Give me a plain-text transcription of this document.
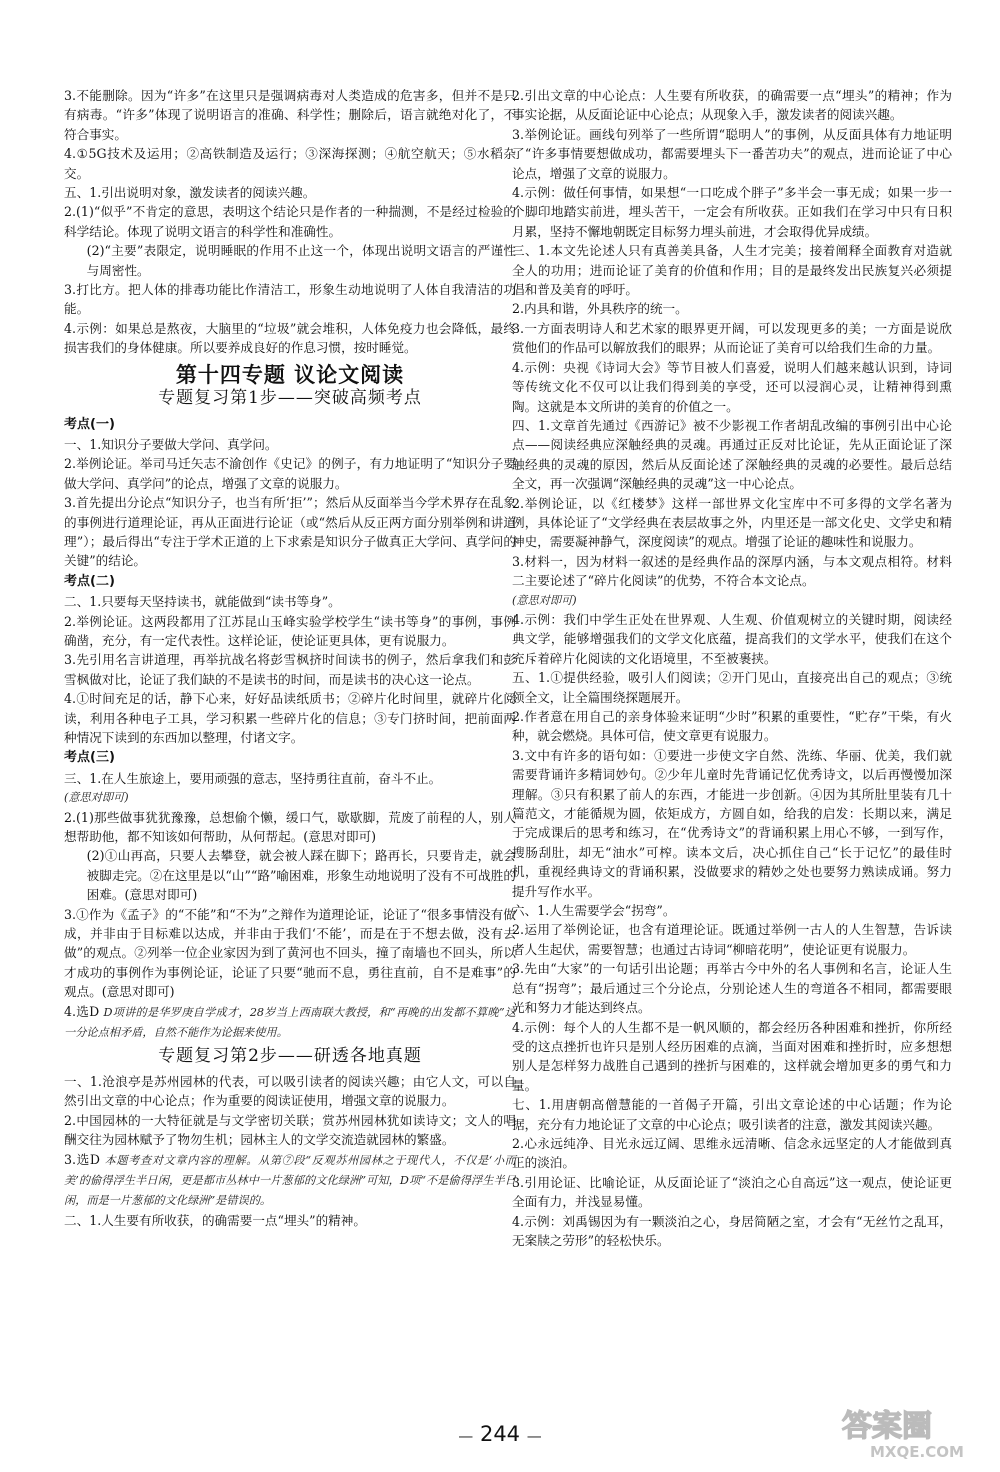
3.不能删除。因为“许多”在这里只是强调病毒对人类造成的危害多，但并不是只有病毒。“许多”体现了说明语言的准确、科学性；删除后，语言就绝对化了，不符合事实。

4.①5G技术及运用；②高铁制造及运行；③深海探测；④航空航天；⑤水稻杂交。

五、1.引出说明对象，激发读者的阅读兴趣。

2.(1)“似乎”不肯定的意思，表明这个结论只是作者的一种揣测，不是经过检验的科学结论。体现了说明文语言的科学性和准确性。

(2)“主要”表限定，说明睡眠的作用不止这一个，体现出说明文语言的严谨性与周密性。

3.打比方。把人体的排毒功能比作清洁工，形象生动地说明了人体自我清洁的功能。

4.示例：如果总是熬夜，大脑里的“垃圾”就会堆积，人体免疫力也会降低，最终损害我们的身体健康。所以要养成良好的作息习惯，按时睡觉。

第十四专题 议论文阅读
专题复习第1步——突破高频考点
考点(一)

一、1.知识分子要做大学问、真学问。

2.举例论证。举司马迁矢志不渝创作《史记》的例子，有力地证明了“知识分子要做大学问、真学问”的论点，增强了文章的说服力。

3.首先提出分论点“知识分子，也当有所‘拒’”；然后从反面举当今学术界存在乱象的事例进行道理论证，再从正面进行论证（或“然后从反正两方面分别举例和讲道理”）；最后得出“专注于学术正道的上下求索是知识分子做真正大学问、真学问的关键”的结论。

考点(二)

二、1.只要每天坚持读书，就能做到“读书等身”。

2.举例论证。这两段都用了江苏昆山玉峰实验学校学生“读书等身”的事例，事例确凿，充分，有一定代表性。这样论证，使论证更具体，更有说服力。

3.先引用名言讲道理，再举抗战名将彭雪枫挤时间读书的例子，然后拿我们和彭雪枫做对比，论证了我们缺的不是读书的时间，而是读书的决心这一论点。

4.①时间充足的话，静下心来，好好品读纸质书；②碎片化时间里，就碎片化阅读，利用各种电子工具，学习积累一些碎片化的信息；③专门挤时间，把前面两种情况下读到的东西加以整理，付诸文字。

考点(三)

三、1.在人生旅途上，要用顽强的意志，坚持勇往直前，奋斗不止。

(意思对即可)

2.(1)那些做事犹犹豫豫，总想偷个懒，缓口气，歇歇脚，荒废了前程的人，别人想帮助他，都不知该如何帮助，从何帮起。(意思对即可)

(2)①山再高，只要人去攀登，就会被人踩在脚下；路再长，只要肯走，就会被脚走完。②在这里是以“山”“路”喻困难，形象生动地说明了没有不可战胜的困难。(意思对即可)

3.①作为《孟子》的“不能”和“不为”之辩作为道理论证，论证了“很多事情没有做成，并非由于目标难以达成，并非由于我们‘不能’，而是在于不想去做，没有去做”的观点。②列举一位企业家因为到了黄河也不回头，撞了南墙也不回头，所以才成功的事例作为事例论证，论证了只要“驰而不息，勇往直前，自不是难事”的观点。(意思对即可)

4.选D D项讲的是华罗庚自学成才，28岁当上西南联大教授，和“再晚的出发都不算晚”这一分论点相矛盾，自然不能作为论据来使用。

专题复习第2步——研透各地真题

一、1.沧浪亭是苏州园林的代表，可以吸引读者的阅读兴趣；由它人文，可以自然引出文章的中心论点；作为重要的阅读证使用，增强文章的说服力。

2.中国园林的一大特征就是与文学密切关联；赏苏州园林犹如读诗文；文人的唱酬交往为园林赋予了物勿生机；园林主人的文学交流造就园林的繁盛。

3.选D 本题考查对文章内容的理解。从第⑦段“反观苏州园林之于现代人，不仅是‘小而美’的偷得浮生半日闲，更是都市丛林中一片葱郁的文化绿洲”可知，D项“不是偷得浮生半日闲，而是一片葱郁的文化绿洲”是错误的。

二、1.人生要有所收获，的确需要一点“埋头”的精神。

2.引出文章的中心论点：人生要有所收获，的确需要一点“埋头”的精神；作为事实论据，从反面论证中心论点；从现象入手，激发读者的阅读兴趣。

3.举例论证。画线句列举了一些所谓“聪明人”的事例，从反面具体有力地证明了“许多事情要想做成功，都需要埋头下一番苦功夫”的观点，进而论证了中心论点，增强了文章的说服力。

4.示例：做任何事情，如果想“一口吃成个胖子”多半会一事无成；如果一步一个脚印地踏实前进，埋头苦干，一定会有所收获。正如我们在学习中只有日积月累，坚持不懈地朝既定目标努力埋头前进，才会取得优异成绩。

三、1.本文先论述人只有真善美具备，人生才完美；接着阐释全面教育对造就全人的功用；进而论证了美育的价值和作用；目的是最终发出民族复兴必须提倡和普及美育的呼吁。

2.内具和谐，外具秩序的统一。

3.一方面表明诗人和艺术家的眼界更开阔，可以发现更多的美；一方面是说欣赏他们的作品可以解放我们的眼界；从而论证了美育可以给我们生命的力量。

4.示例：央视《诗词大会》等节目被人们喜爱，说明人们越来越认识到，诗词等传统文化不仅可以让我们得到美的享受，还可以浸润心灵，让精神得到熏陶。这就是本文所讲的美育的价值之一。

四、1.文章首先通过《西游记》被不少影视工作者胡乱改编的事例引出中心论点——阅读经典应深触经典的灵魂。再通过正反对比论证，先从正面论证了深触经典的灵魂的原因，然后从反面论述了深触经典的灵魂的必要性。最后总结全文，再一次强调“深触经典的灵魂”这一中心论点。

2.举例论证，以《红楼梦》这样一部世界文化宝库中不可多得的文学名著为例，具体论证了“文学经典在表层故事之外，内里还是一部文化史、文学史和精神史，需要凝神静气，深度阅读”的观点。增强了论证的趣味性和说服力。

3.材料一，因为材料一叙述的是经典作品的深厚内涵，与本文观点相符。材料二主要论述了“碎片化阅读”的优势，不符合本文论点。

(意思对即可)

4.示例：我们中学生正处在世界观、人生观、价值观树立的关键时期，阅读经典文学，能够增强我们的文学文化底蕴，提高我们的文学水平，使我们在这个充斥着碎片化阅读的文化语境里，不至被裹挟。

五、1.①提供经验，吸引人们阅读；②开门见山，直接亮出自己的观点；③统领全文，让全篇围绕探题展开。

2.作者意在用自己的亲身体验来证明“少时”积累的重要性，“贮存”干柴，有火种，就会燃烧。具体可信，使文章更有说服力。

3.文中有许多的语句如：①要进一步使文字自然、洗练、华丽、优美，我们就需要背诵许多精词妙句。②少年儿童时先背诵记忆优秀诗文，以后再慢慢加深理解。③只有积累了前人的东西，才能进一步创新。④因为其所肚里装有几十篇范文，才能循规为圆，依矩成方，方圆自如，给我的启发：长期以来，满足于完成课后的思考和练习，在“优秀诗文”的背诵积累上用心不够，一到写作，搜肠刮肚，却无“油水”可榨。读本文后，决心抓住自己“长于记忆”的最佳时机，重视经典诗文的背诵积累，没做要求的精妙之处也要努力熟读成诵。努力提升写作水平。

六、1.人生需要学会“拐弯”。

2.运用了举例论证，也含有道理论证。既通过举例一古人的人生智慧，告诉读者人生起伏，需要智慧；也通过古诗词“柳暗花明”，使论证更有说服力。

3.先由“大家”的一句话引出论题；再举古今中外的名人事例和名言，论证人生总有“拐弯”；最后通过三个分论点，分别论述人生的弯道各不相同，都需要眼光和努力才能达到终点。

4.示例：每个人的人生都不是一帆风顺的，都会经历各种困难和挫折，你所经受的这点挫折也许只是别人经历困难的点滴，当面对困难和挫折时，应多想想别人是怎样努力战胜自己遇到的挫折与困难的，这样就会增加更多的勇气和力量。

七、1.用唐朝高僧慧能的一首偈子开篇，引出文章论述的中心话题；作为论据，充分有力地论证了文章的中心论点；吸引读者的注意，激发其阅读兴趣。

2.心永远纯净、目光永远辽阔、思维永远清晰、信念永远坚定的人才能做到真正的淡泊。

3.引用论证、比喻论证，从反面论证了“淡泊之心自高远”这一观点，使论证更全面有力，并浅显易懂。

4.示例：刘禹锡因为有一颗淡泊之心，身居简陋之室，才会有“无丝竹之乱耳，无案牍之劳形”的轻松快乐。

— 244 —	答案圈
MXQE.COM
